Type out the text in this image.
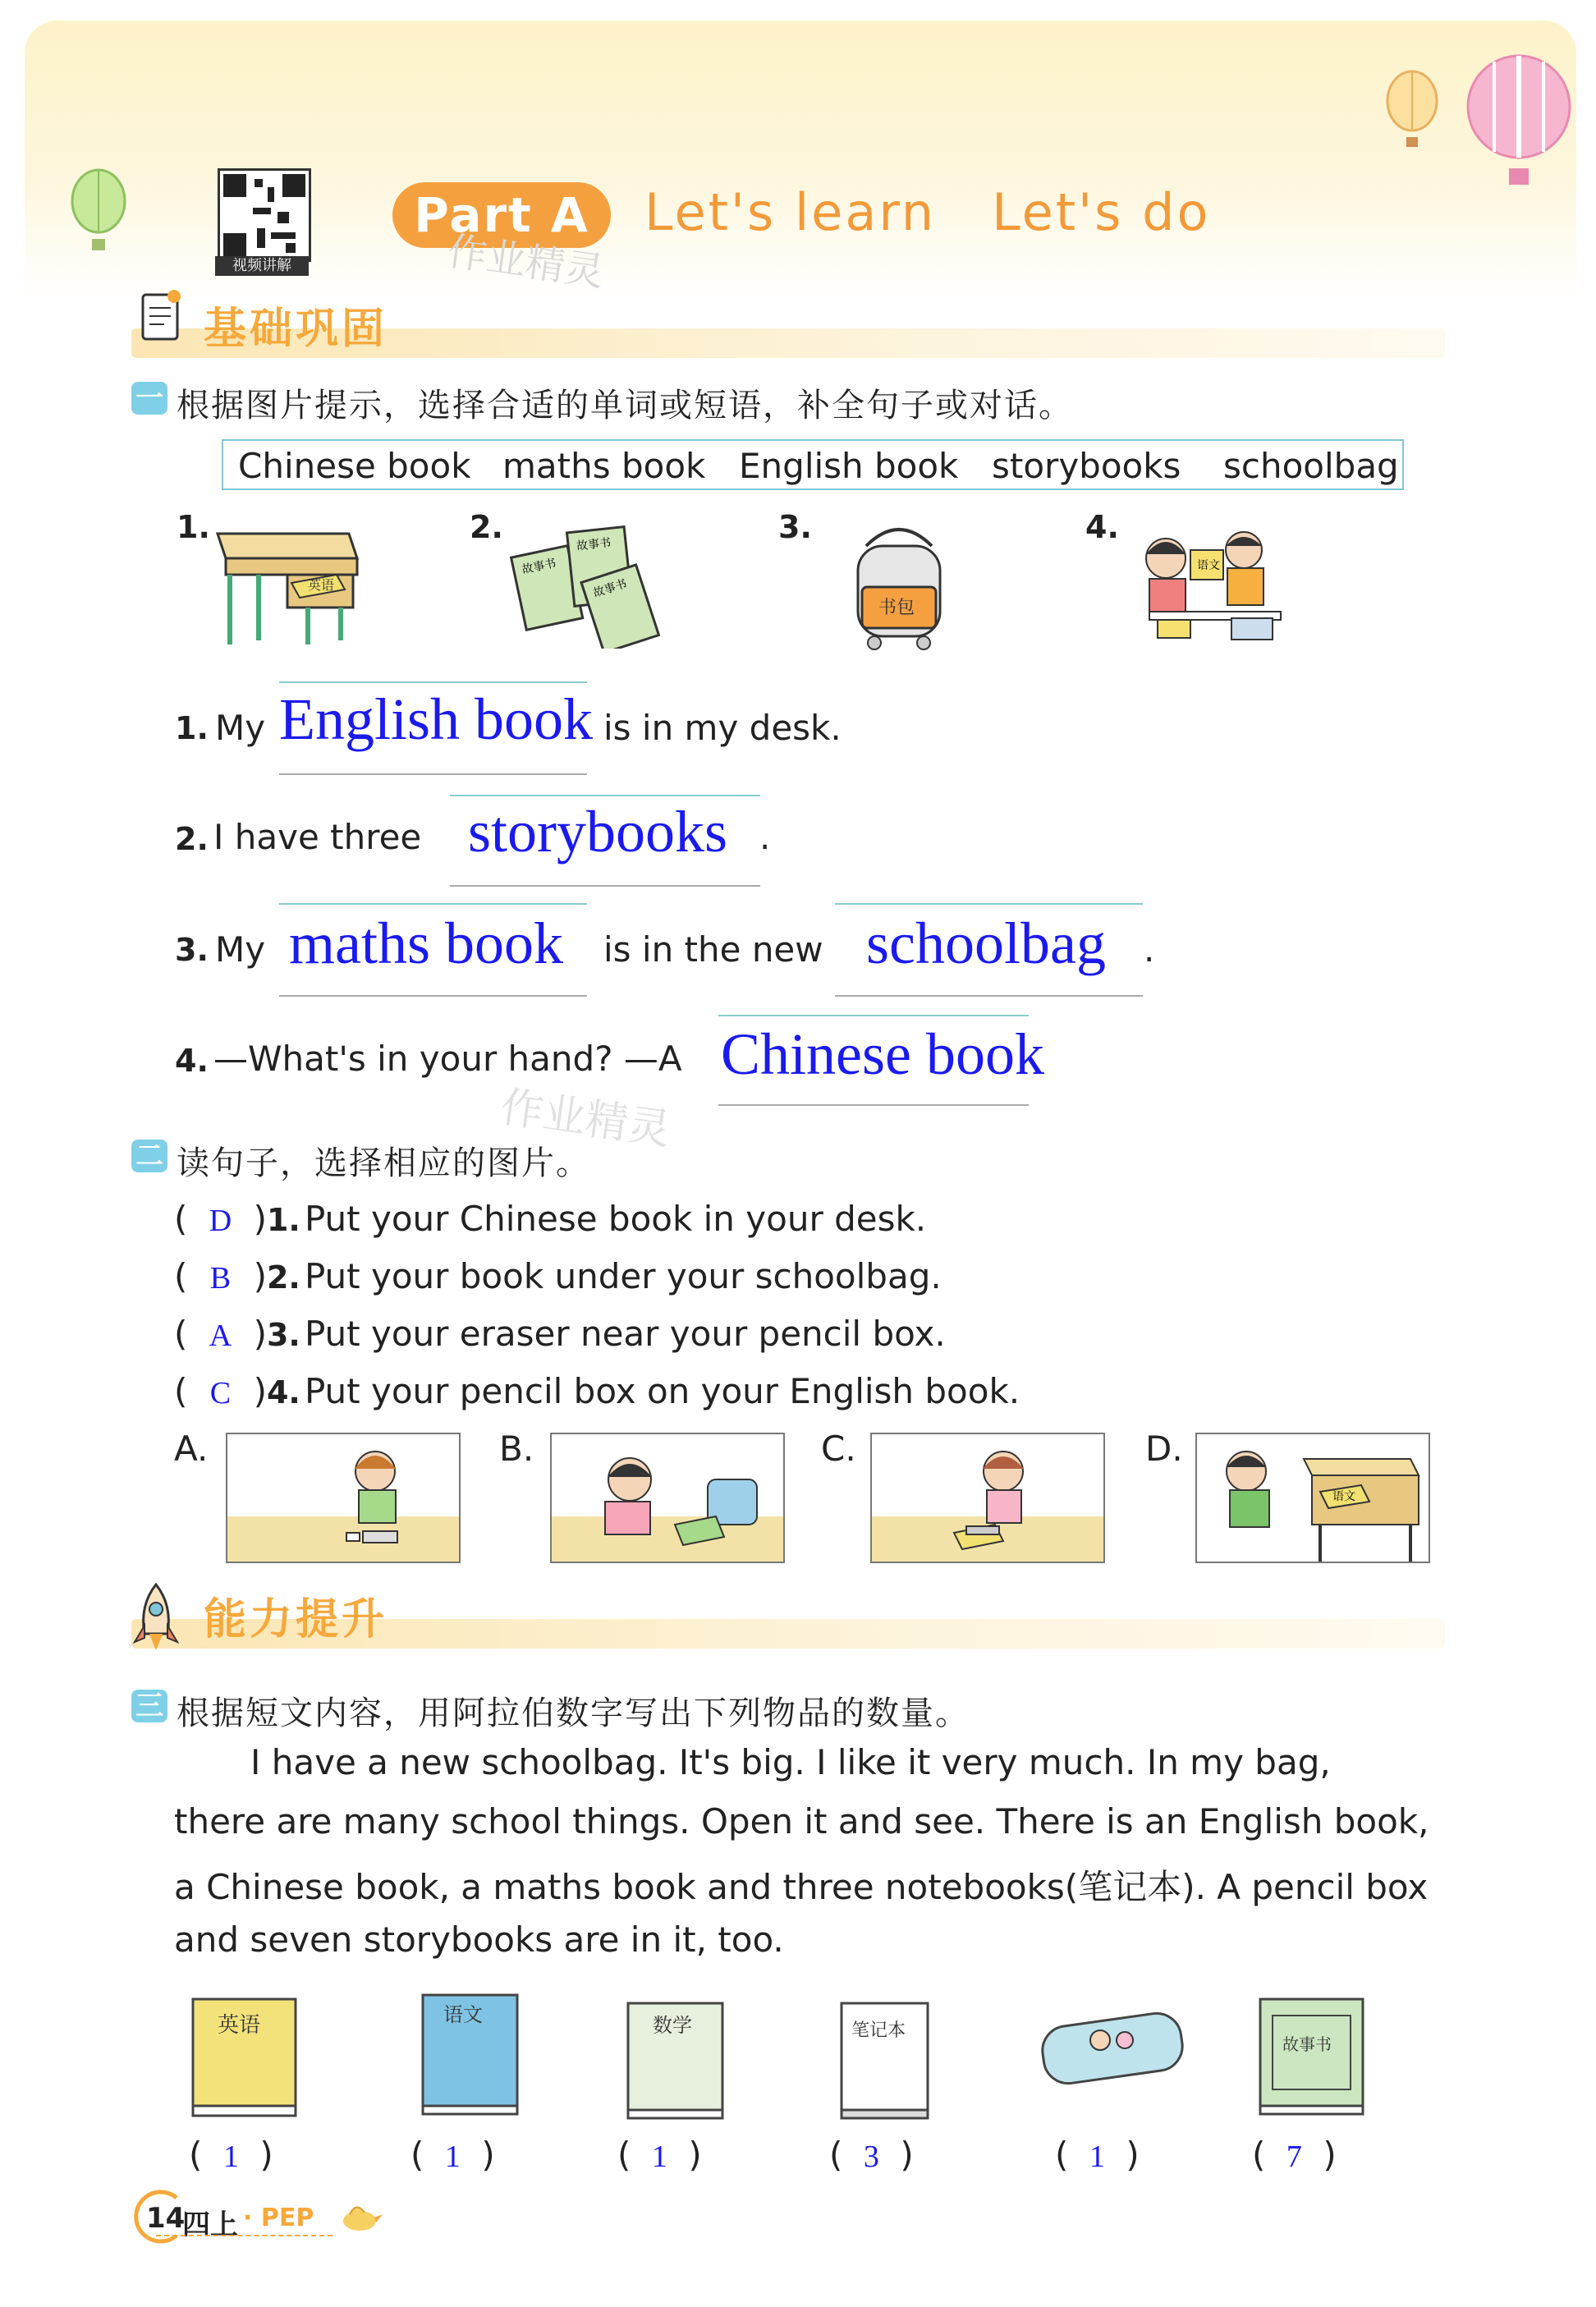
视频讲解
Part A	Let's learn   Let's do
作业精灵
基础巩固
一 根据图片提示，选择合适的单词或短语，补全句子或对话。
Chinese book maths book English book storybooks schoolbag
1.
英语
2.
故事书
故事书
故事书
3.
书包
4.
语文
1. My English book is in my desk.
2. I have three storybooks .
3. My maths book is in the new schoolbag .
4. —What's in your hand? —A Chinese book
作业精灵
二 读句子，选择相应的图片。
( D )1. Put your Chinese book in your desk.
( B )2. Put your book under your schoolbag.
( A )3. Put your eraser near your pencil box.
( C )4. Put your pencil box on your English book.
A.	B.	C.	D.
语文
能力提升
三 根据短文内容，用阿拉伯数字写出下列物品的数量。
I have a new schoolbag. It's big. I like it very much. In my bag,
there are many school things. Open it and see. There is an English book,
a Chinese book, a maths book and three notebooks(笔记本). A pencil box
and seven storybooks are in it, too.
英语
( 1 )
语文
( 1 )
数学
( 1 )
笔记本
( 3 )	( 1 )
故事书
( 7 )
14
四上 · PEP
